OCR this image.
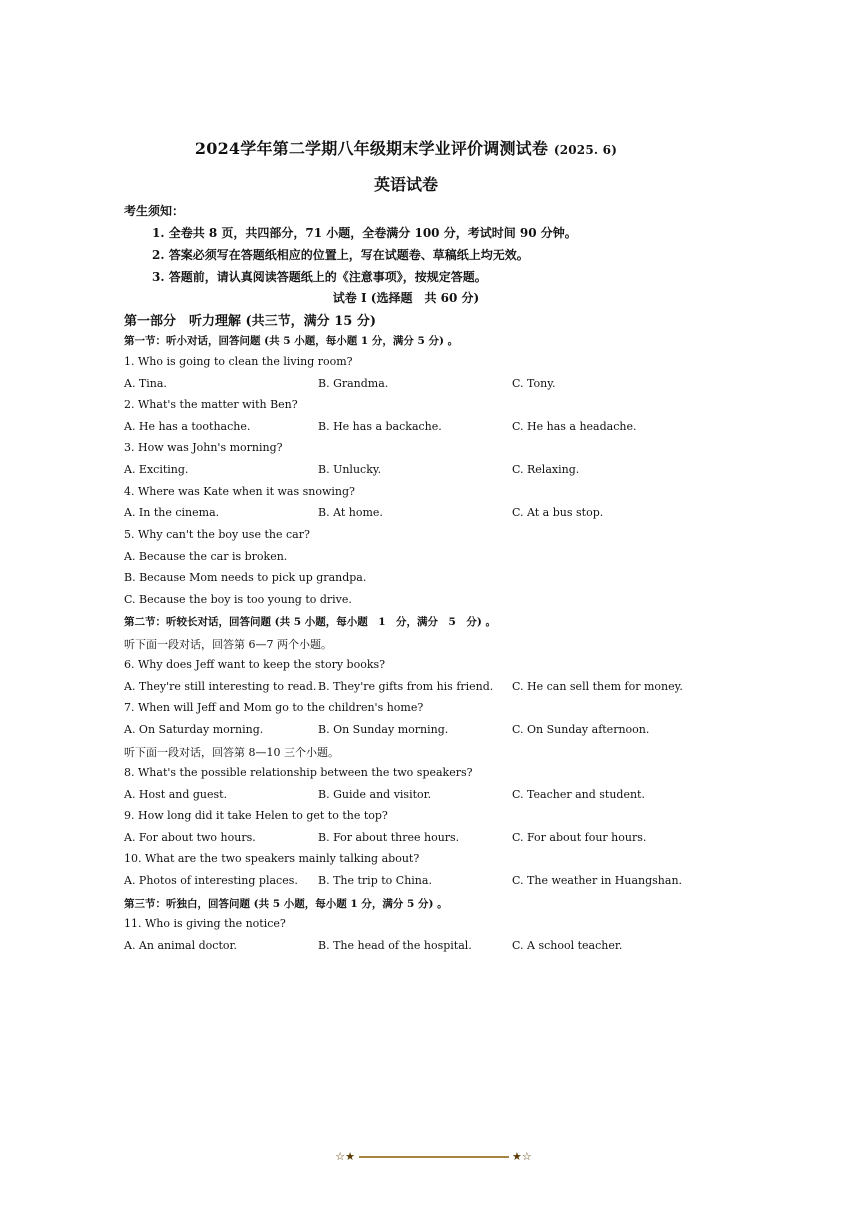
2024学年第二学期八年级期末学业评价调测试卷 (2025. 6)
英语试卷
考生须知：
1. 全卷共 8 页，共四部分，71 小题，全卷满分 100 分，考试时间 90 分钟。
2. 答案必须写在答题纸相应的位置上，写在试题卷、草稿纸上均无效。
3. 答题前，请认真阅读答题纸上的《注意事项》，按规定答题。
试卷 I (选择题　共 60 分)
第一部分　听力理解 (共三节，满分 15 分)
第一节：听小对话，回答问题 (共 5 小题，每小题 1 分，满分 5 分) 。
1. Who is going to clean the living room?
A. Tina.	B. Grandma.	C. Tony.
2. What's the matter with Ben?
A. He has a toothache.	B. He has a backache.	C. He has a headache.
3. How was John's morning?
A. Exciting.	B. Unlucky.	C. Relaxing.
4. Where was Kate when it was snowing?
A. In the cinema.	B. At home.	C. At a bus stop.
5. Why can't the boy use the car?
A. Because the car is broken.
B. Because Mom needs to pick up grandpa.
C. Because the boy is too young to drive.
第二节：听较长对话，回答问题 (共 5 小题，每小题　1　分，满分　5　分) 。
听下面一段对话，回答第 6—7 两个小题。
6. Why does Jeff want to keep the story books?
A. They're still interesting to read. B. They're gifts from his friend. C. He can sell them for money.
7. When will Jeff and Mom go to the children's home?
A. On Saturday morning.	B. On Sunday morning.	C. On Sunday afternoon.
听下面一段对话，回答第 8—10 三个小题。
8. What's the possible relationship between the two speakers?
A. Host and guest.	B. Guide and visitor.	C. Teacher and student.
9. How long did it take Helen to get to the top?
A. For about two hours.	B. For about three hours.	C. For about four hours.
10. What are the two speakers mainly talking about?
A. Photos of interesting places. B. The trip to China.	C. The weather in Huangshan.
第三节：听独白，回答问题 (共 5 小题，每小题 1 分，满分 5 分) 。
11. Who is giving the notice?
A. An animal doctor.	B. The head of the hospital.	C. A school teacher.
☆★	★☆
